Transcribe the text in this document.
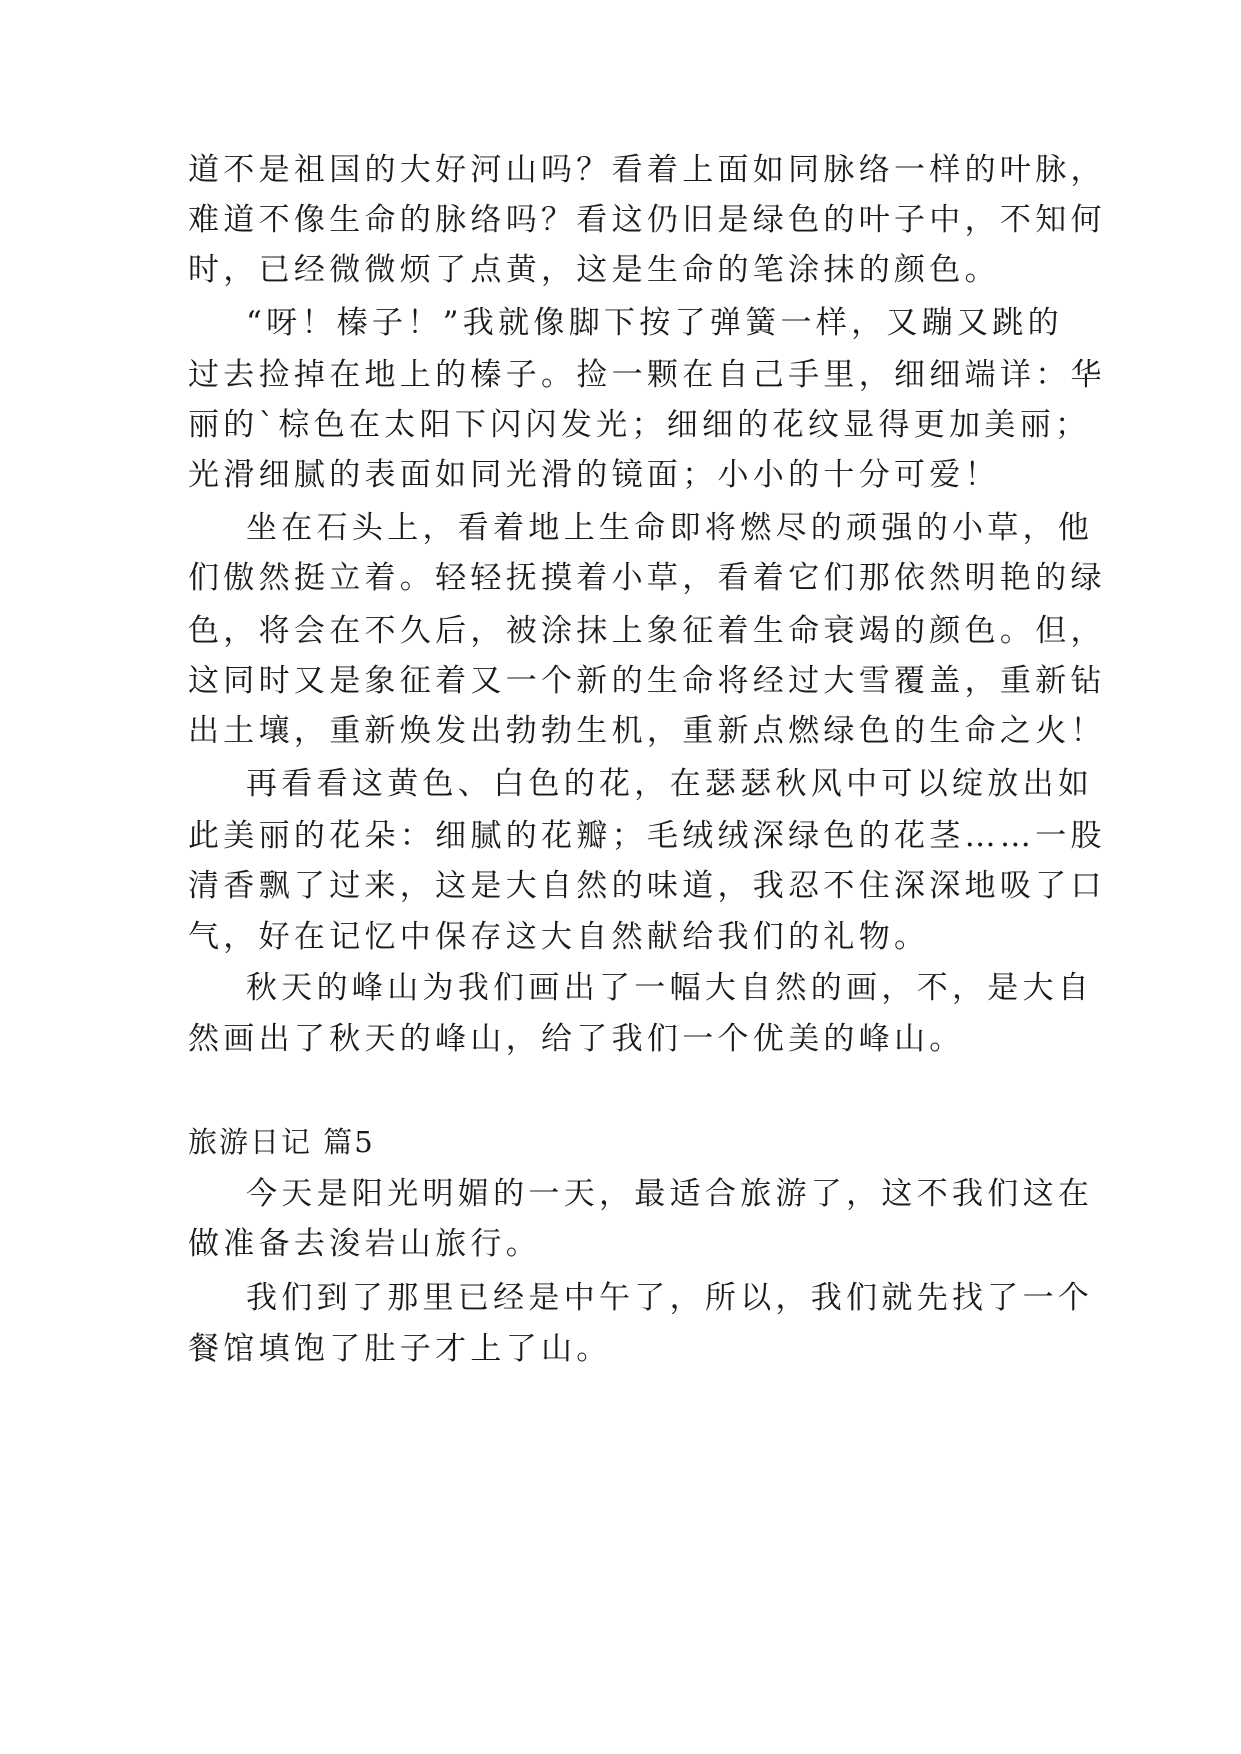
道不是祖国的大好河山吗？看着上面如同脉络一样的叶脉，
难道不像生命的脉络吗？看这仍旧是绿色的叶子中，不知何
时，已经微微烦了点黄，这是生命的笔涂抹的颜色。
“呀！榛子！”我就像脚下按了弹簧一样，又蹦又跳的
过去捡掉在地上的榛子。捡一颗在自己手里，细细端详：华
丽的`棕色在太阳下闪闪发光；细细的花纹显得更加美丽；
光滑细腻的表面如同光滑的镜面；小小的十分可爱！
坐在石头上，看着地上生命即将燃尽的顽强的小草，他
们傲然挺立着。轻轻抚摸着小草，看着它们那依然明艳的绿
色，将会在不久后，被涂抹上象征着生命衰竭的颜色。但，
这同时又是象征着又一个新的生命将经过大雪覆盖，重新钻
出土壤，重新焕发出勃勃生机，重新点燃绿色的生命之火！
再看看这黄色、白色的花，在瑟瑟秋风中可以绽放出如
此美丽的花朵：细腻的花瓣；毛绒绒深绿色的花茎……一股
清香飘了过来，这是大自然的味道，我忍不住深深地吸了口
气，好在记忆中保存这大自然献给我们的礼物。
秋天的峰山为我们画出了一幅大自然的画，不，是大自
然画出了秋天的峰山，给了我们一个优美的峰山。
旅游日记 篇5
今天是阳光明媚的一天，最适合旅游了，这不我们这在
做准备去浚岩山旅行。
我们到了那里已经是中午了，所以，我们就先找了一个
餐馆填饱了肚子才上了山。
